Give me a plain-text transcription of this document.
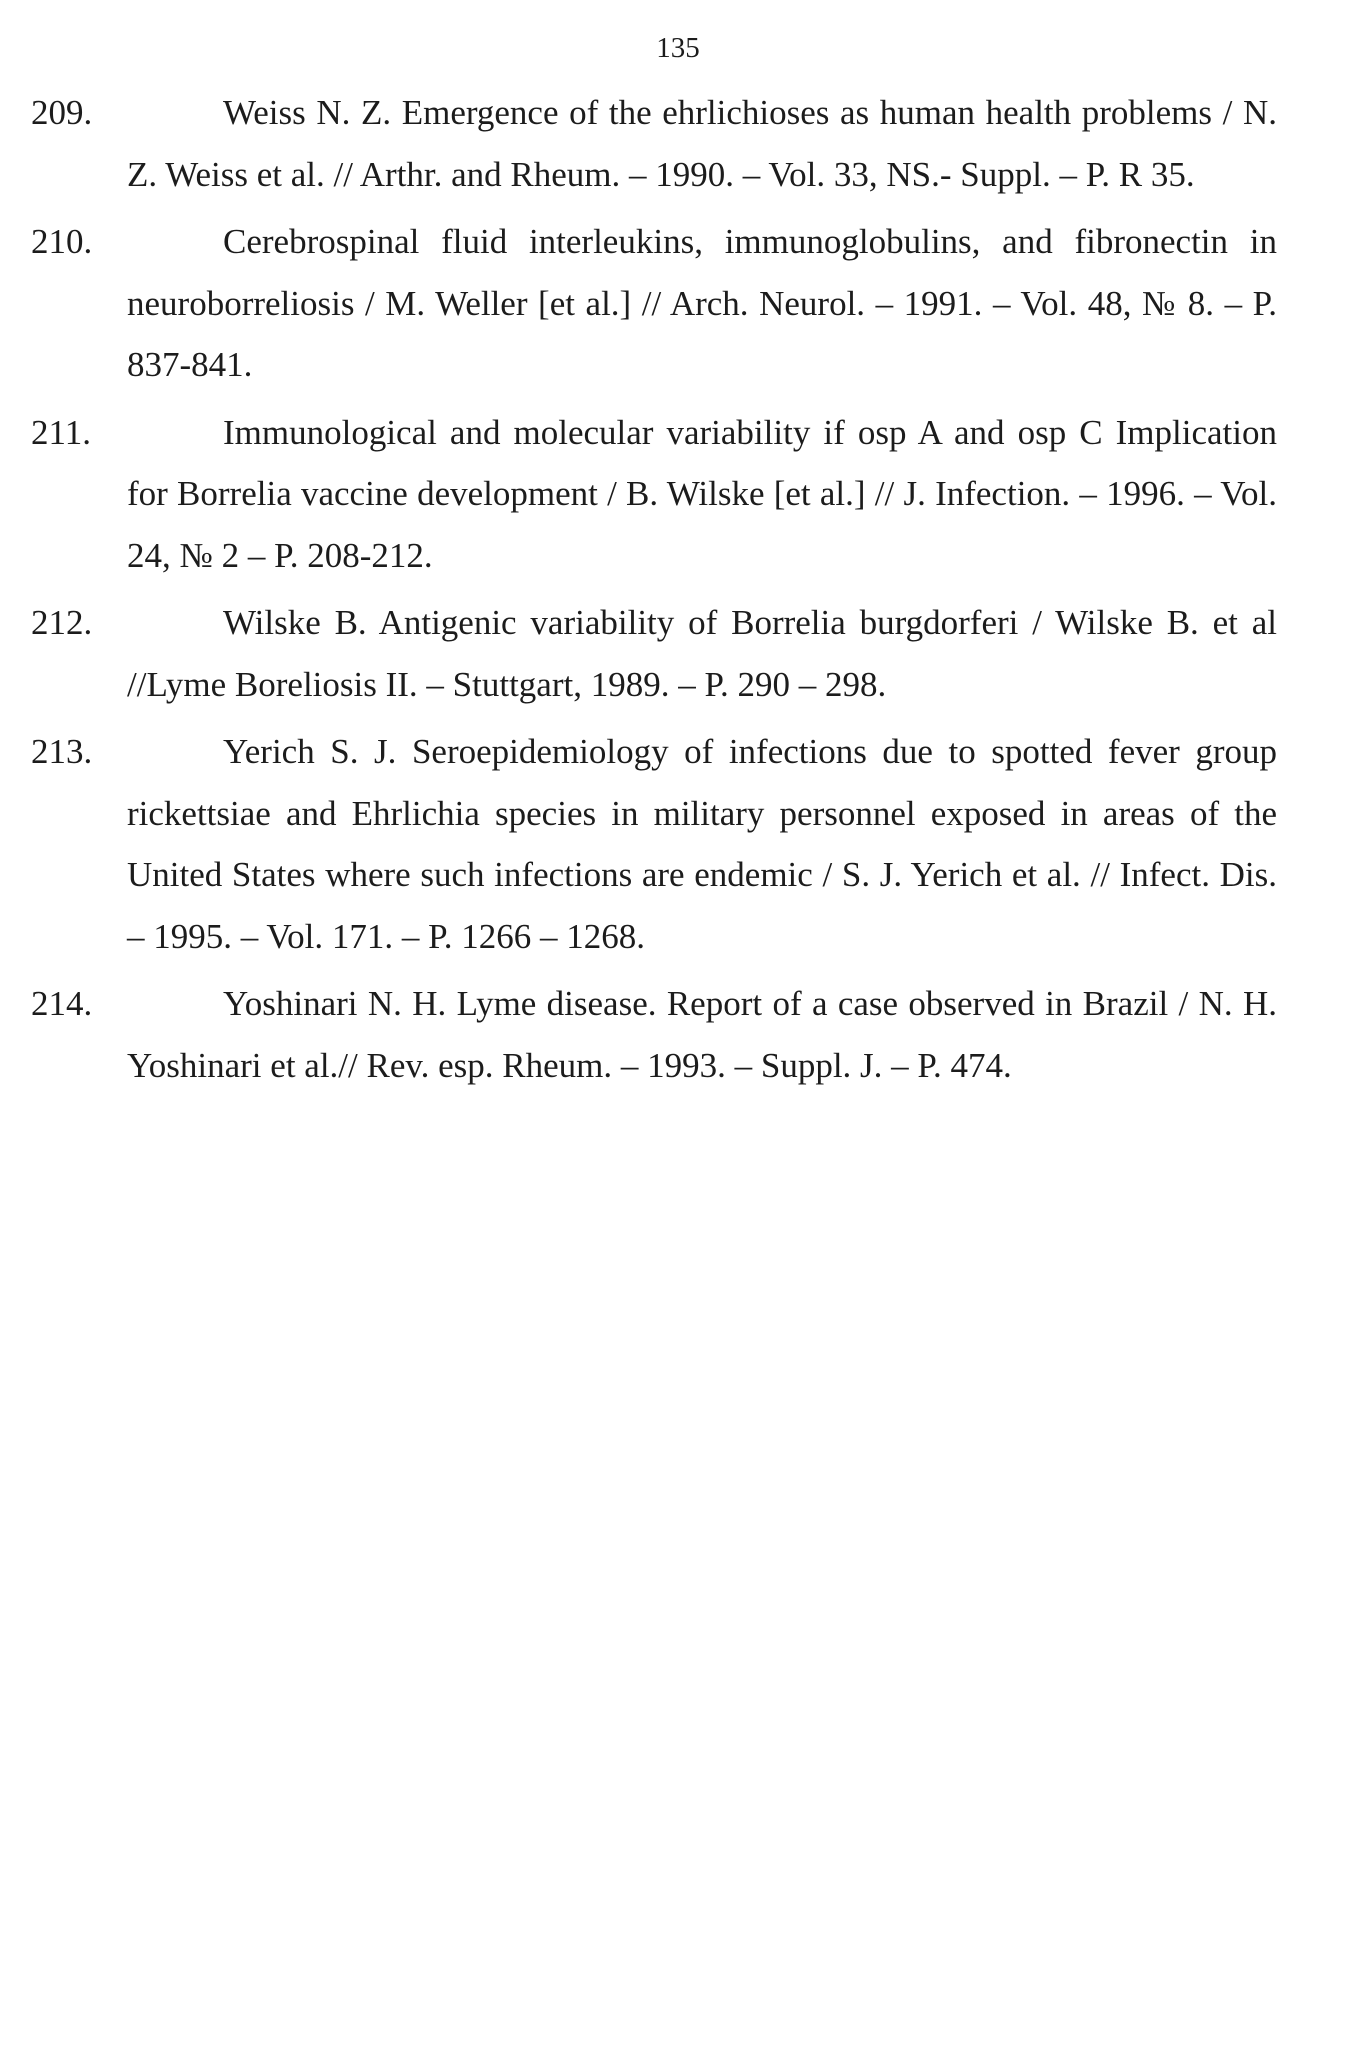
135
209.	Weiss N. Z. Emergence of the ehrlichioses as human health problems / N. Z. Weiss et al. // Arthr. and Rheum. – 1990. – Vol. 33, NS.- Suppl. – P. R 35.
210.	Cerebrospinal fluid interleukins, immunoglobulins, and fibronectin in neuroborreliosis / M. Weller [et al.] // Arch. Neurol. – 1991. – Vol. 48, № 8. – P. 837-841.
211.	Immunological and molecular variability if osp A and osp C Implication for Borrelia vaccine development / B. Wilske [et al.] // J. Infection. – 1996. – Vol. 24, № 2 – P. 208-212.
212.	Wilske B. Antigenic variability of Borrelia burgdorferi / Wilske B. et al //Lyme Boreliosis II. – Stuttgart, 1989. – P. 290 – 298.
213.	Yerich S. J. Seroepidemiology of infections due to spotted fever group rickettsiae and Ehrlichia species in military personnel exposed in areas of the United States where such infections are endemic / S. J. Yerich et al. // Infect. Dis. – 1995. – Vol. 171. – P. 1266 – 1268.
214.	Yoshinari N. H. Lyme disease. Report of a case observed in Brazil / N. H. Yoshinari et al.// Rev. esp. Rheum. – 1993. – Suppl. J. – P. 474.
